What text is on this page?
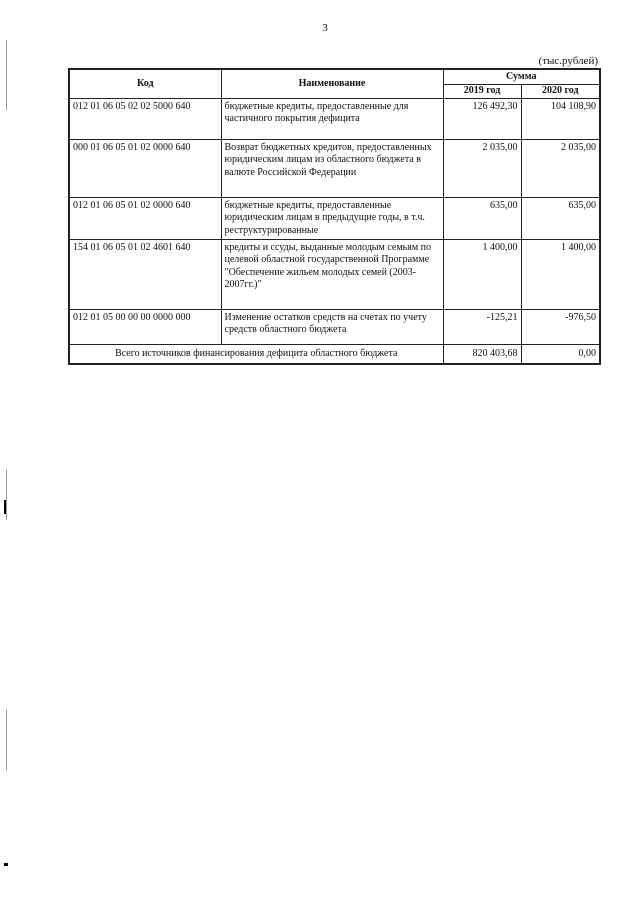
3
(тыс.рублей)
Код	Наименование	Сумма	
		2019 год	2020 год
012 01 06 05 02 02 5000 640	бюджетные кредиты, предоставленные для частичного покрытия дефицита	126 492,30	104 108,90
000 01 06 05 01 02 0000 640	Возврат бюджетных кредитов, предоставленных юридическим лицам из областного бюджета в валюте Российской Федерации	2 035,00	2 035,00
012 01 06 05 01 02 0000 640	бюджетные кредиты, предоставленные юридическим лицам в предыдущие годы, в т.ч. реструктурированные	635,00	635,00
154 01 06 05 01 02 4601 640	кредиты и ссуды, выданные молодым семьям по целевой областной государственной Программе "Обеспечение жильем молодых семей (2003-2007гг.)"	1 400,00	1 400,00
012 01 05 00 00 00 0000 000	Изменение остатков средств на счетах по учету средств областного бюджета	-125,21	-976,50
Всего источников финансирования дефицита областного бюджета		820 403,68	0,00
